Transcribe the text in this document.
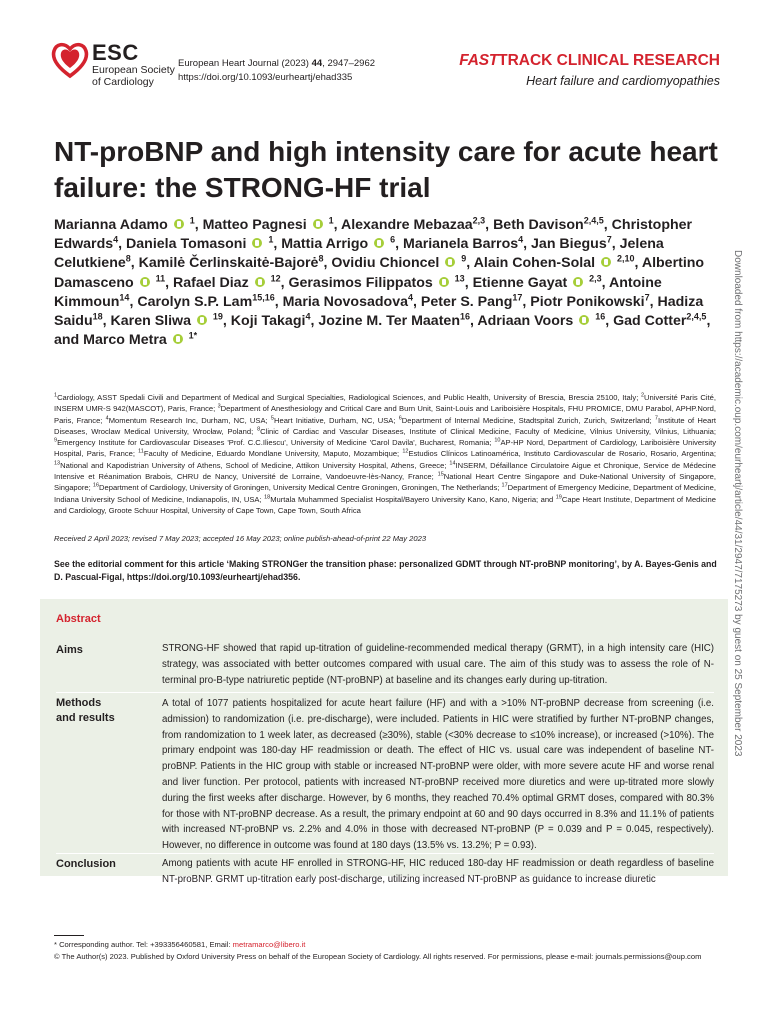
ESC
European Society
of Cardiology
European Heart Journal (2023) 44, 2947–2962
https://doi.org/10.1093/eurheartj/ehad335
FASTTRACK CLINICAL RESEARCH
Heart failure and cardiomyopathies
NT-proBNP and high intensity care for acute heart failure: the STRONG-HF trial
Marianna Adamo $^1$, Matteo Pagnesi $^1$, Alexandre Mebazaa$^{2,3}$, Beth Davison$^{2,4,5}$, Christopher Edwards$^4$, Daniela Tomasoni $^1$, Mattia Arrigo $^6$, Marianela Barros$^4$, Jan Biegus$^7$, Jelena Celutkiene$^8$, Kamilė Čerlinskaitė-Bajorė$^8$, Ovidiu Chioncel $^9$, Alain Cohen-Solal $^{2,10}$, Albertino Damasceno $^{11}$, Rafael Diaz $^{12}$, Gerasimos Filippatos $^{13}$, Etienne Gayat $^{2,3}$, Antoine Kimmoun$^{14}$, Carolyn S.P. Lam$^{15,16}$, Maria Novosadova$^4$, Peter S. Pang$^{17}$, Piotr Ponikowski$^7$, Hadiza Saidu$^{18}$, Karen Sliwa $^{19}$, Koji Takagi$^4$, Jozine M. Ter Maaten$^{16}$, Adriaan Voors $^{16}$, Gad Cotter$^{2,4,5}$, and Marco Metra $^{1*}$
$^1$Cardiology, ASST Spedali Civili and Department of Medical and Surgical Specialties, Radiological Sciences, and Public Health, University of Brescia, Brescia 25100, Italy; $^2$Université Paris Cité, INSERM UMR-S 942(MASCOT), Paris, France; $^3$Department of Anesthesiology and Critical Care and Burn Unit, Saint-Louis and Lariboisière Hospitals, FHU PROMICE, DMU Parabol, APHP.Nord, Paris, France; $^4$Momentum Research Inc, Durham, NC, USA; $^5$Heart Initiative, Durham, NC, USA; $^6$Department of Internal Medicine, Stadtspital Zurich, Zurich, Switzerland; $^7$Institute of Heart Diseases, Wroclaw Medical University, Wrocław, Poland; $^8$Clinic of Cardiac and Vascular Diseases, Institute of Clinical Medicine, Faculty of Medicine, Vilnius University, Vilnius, Lithuania; $^9$Emergency Institute for Cardiovascular Diseases 'Prof. C.C.Iliescu', University of Medicine 'Carol Davila', Bucharest, Romania; $^{10}$AP-HP Nord, Department of Cardiology, Lariboisière University Hospital, Paris, France; $^{11}$Faculty of Medicine, Eduardo Mondlane University, Maputo, Mozambique; $^{12}$Estudios Clínicos Latinoamérica, Instituto Cardiovascular de Rosario, Rosario, Argentina; $^{13}$National and Kapodistrian University of Athens, School of Medicine, Attikon University Hospital, Athens, Greece; $^{14}$INSERM, Défaillance Circulatoire Aigue et Chronique, Service de Médecine Intensive et Réanimation Brabois, CHRU de Nancy, Université de Lorraine, Vandoeuvre-lès-Nancy, France; $^{15}$National Heart Centre Singapore and Duke-National University of Singapore, Singapore; $^{16}$Department of Cardiology, University of Groningen, University Medical Centre Groningen, Groningen, The Netherlands; $^{17}$Department of Emergency Medicine, Department of Medicine, Indiana University School of Medicine, Indianapolis, IN, USA; $^{18}$Murtala Muhammed Specialist Hospital/Bayero University Kano, Kano, Nigeria; and $^{19}$Cape Heart Institute, Department of Medicine and Cardiology, Groote Schuur Hospital, University of Cape Town, Cape Town, South Africa
Received 2 April 2023; revised 7 May 2023; accepted 16 May 2023; online publish-ahead-of-print 22 May 2023
See the editorial comment for this article ‘Making STRONGer the transition phase: personalized GDMT through NT-proBNP monitoring’, by A. Bayes-Genis and D. Pascual-Figal, https://doi.org/10.1093/eurheartj/ehad356.
Abstract
Aims	STRONG-HF showed that rapid up-titration of guideline-recommended medical therapy (GRMT), in a high intensity care (HIC) strategy, was associated with better outcomes compared with usual care. The aim of this study was to assess the role of N-terminal pro-B-type natriuretic peptide (NT-proBNP) at baseline and its changes early during up-titration.
Methods
and results
A total of 1077 patients hospitalized for acute heart failure (HF) and with a >10% NT-proBNP decrease from screening (i.e. admission) to randomization (i.e. pre-discharge), were included. Patients in HIC were stratified by further NT-proBNP changes, from randomization to 1 week later, as decreased (≥30%), stable (<30% decrease to ≤10% increase), or increased (>10%). The primary endpoint was 180-day HF readmission or death. The effect of HIC vs. usual care was independent of baseline NT-proBNP. Patients in the HIC group with stable or increased NT-proBNP were older, with more severe acute HF and worse renal and liver function. Per protocol, patients with increased NT-proBNP received more diuretics and were up-titrated more slowly during the first weeks after discharge. However, by 6 months, they reached 70.4% optimal GRMT doses, compared with 80.3% for those with NT-proBNP decrease. As a result, the primary endpoint at 60 and 90 days occurred in 8.3% and 11.1% of patients with increased NT-proBNP vs. 2.2% and 4.0% in those with decreased NT-proBNP (P = 0.039 and P = 0.045, respectively). However, no difference in outcome was found at 180 days (13.5% vs. 13.2%; P = 0.93).
Conclusion	Among patients with acute HF enrolled in STRONG-HF, HIC reduced 180-day HF readmission or death regardless of baseline NT-proBNP. GRMT up-titration early post-discharge, utilizing increased NT-proBNP as guidance to increase diuretic
* Corresponding author. Tel: +393356460581, Email: metramarco@libero.it
© The Author(s) 2023. Published by Oxford University Press on behalf of the European Society of Cardiology. All rights reserved. For permissions, please e-mail: journals.permissions@oup.com
Downloaded from https://academic.oup.com/eurheartj/article/44/31/2947/7175273 by guest on 25 September 2023
